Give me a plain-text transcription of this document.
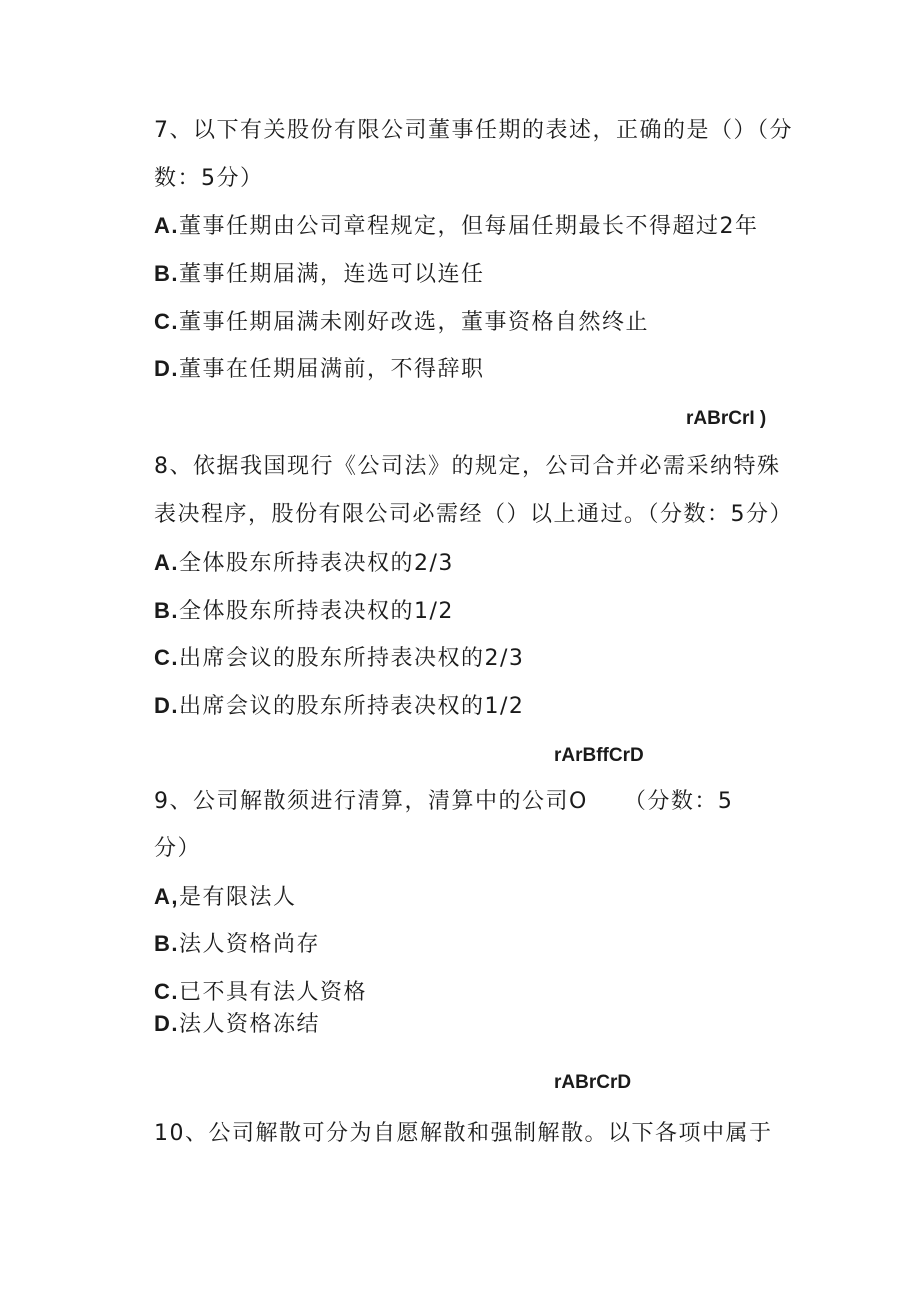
7、以下有关股份有限公司董事任期的表述，正确的是（）（分
数：5分）
A.董事任期由公司章程规定，但每届任期最长不得超过2年
B.董事任期届满，连选可以连任
C.董事任期届满未刚好改选，董事资格自然终止
D.董事在任期届满前，不得辞职
rABrCrI )
8、依据我国现行《公司法》的规定，公司合并必需采纳特殊
表决程序，股份有限公司必需经（）以上通过。（分数：5分）
A.全体股东所持表决权的2/3
B.全体股东所持表决权的1/2
C.出席会议的股东所持表决权的2/3
D.出席会议的股东所持表决权的1/2
rArBffCrD
9、公司解散须进行清算，清算中的公司O　　（分数：5
分）
A,是有限法人
B.法人资格尚存
C.已不具有法人资格
D.法人资格冻结
rABrCrD
10、公司解散可分为自愿解散和强制解散。以下各项中属于
